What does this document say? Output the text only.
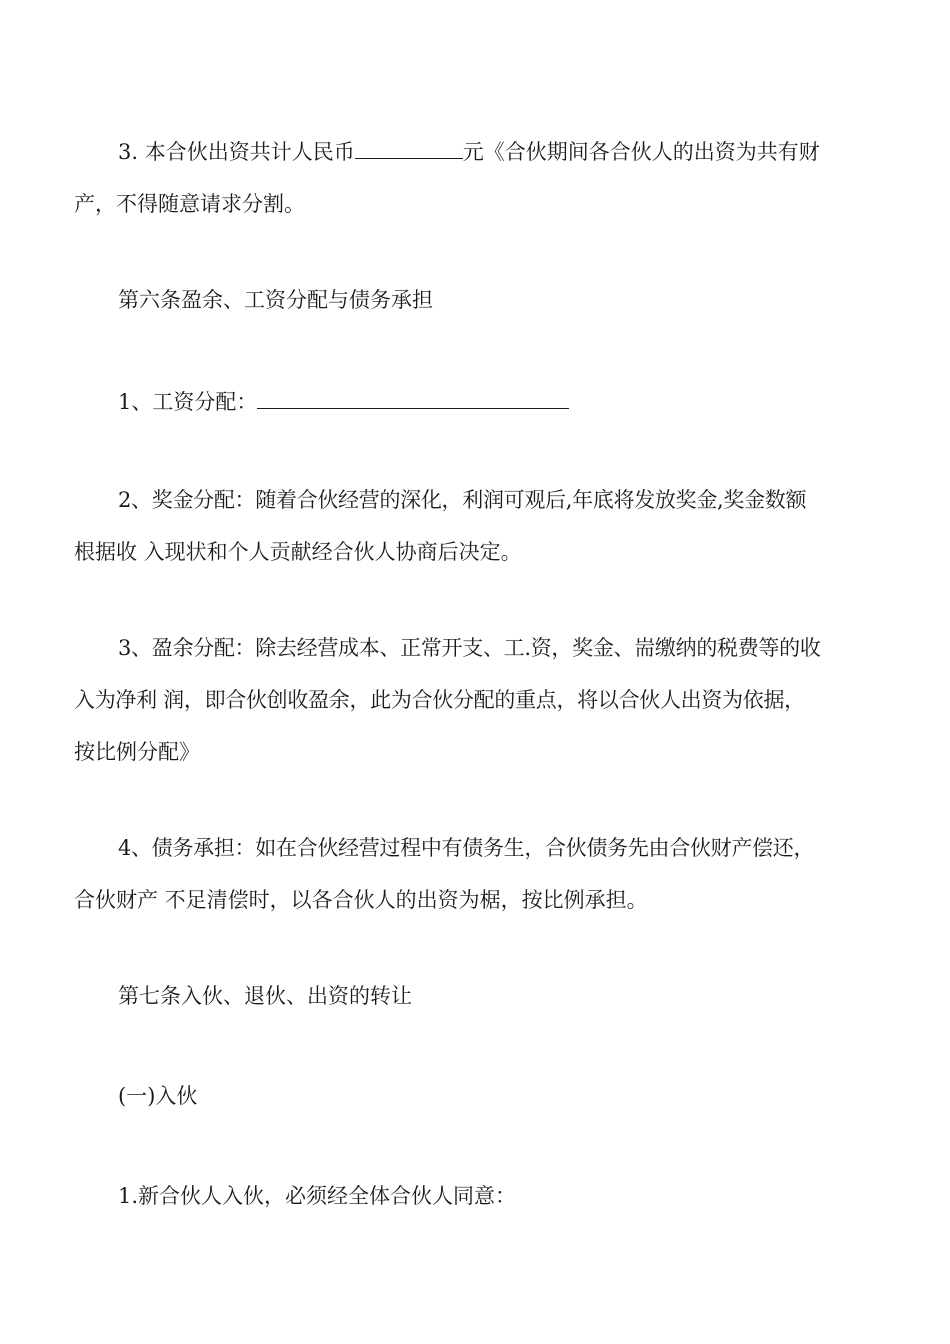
3. 本合伙出资共计人民币	元《合伙期间各合伙人的出资为共有财
产，不得随意请求分割。

第六条盈余、工资分配与债务承担

1、工资分配：

2、奖金分配：随着合伙经营的深化，利润可观后,年底将发放奖金,奖金数额
根据收 入现状和个人贡献经合伙人协商后决定。

3、盈余分配：除去经营成本、正常开支、工.资，奖金、耑缴纳的税费等的收
入为净利 润，即合伙创收盈余，此为合伙分配的重点，将以合伙人出资为依据，
按比例分配》

4、债务承担：如在合伙经营过程中有债务生，合伙债务先由合伙财产偿还，
合伙财产 不足清偿时，以各合伙人的出资为椐，按比例承担。

第七条入伙、退伙、出资的转让

(一)入伙

1.新合伙人入伙，必须经全体合伙人同意：
